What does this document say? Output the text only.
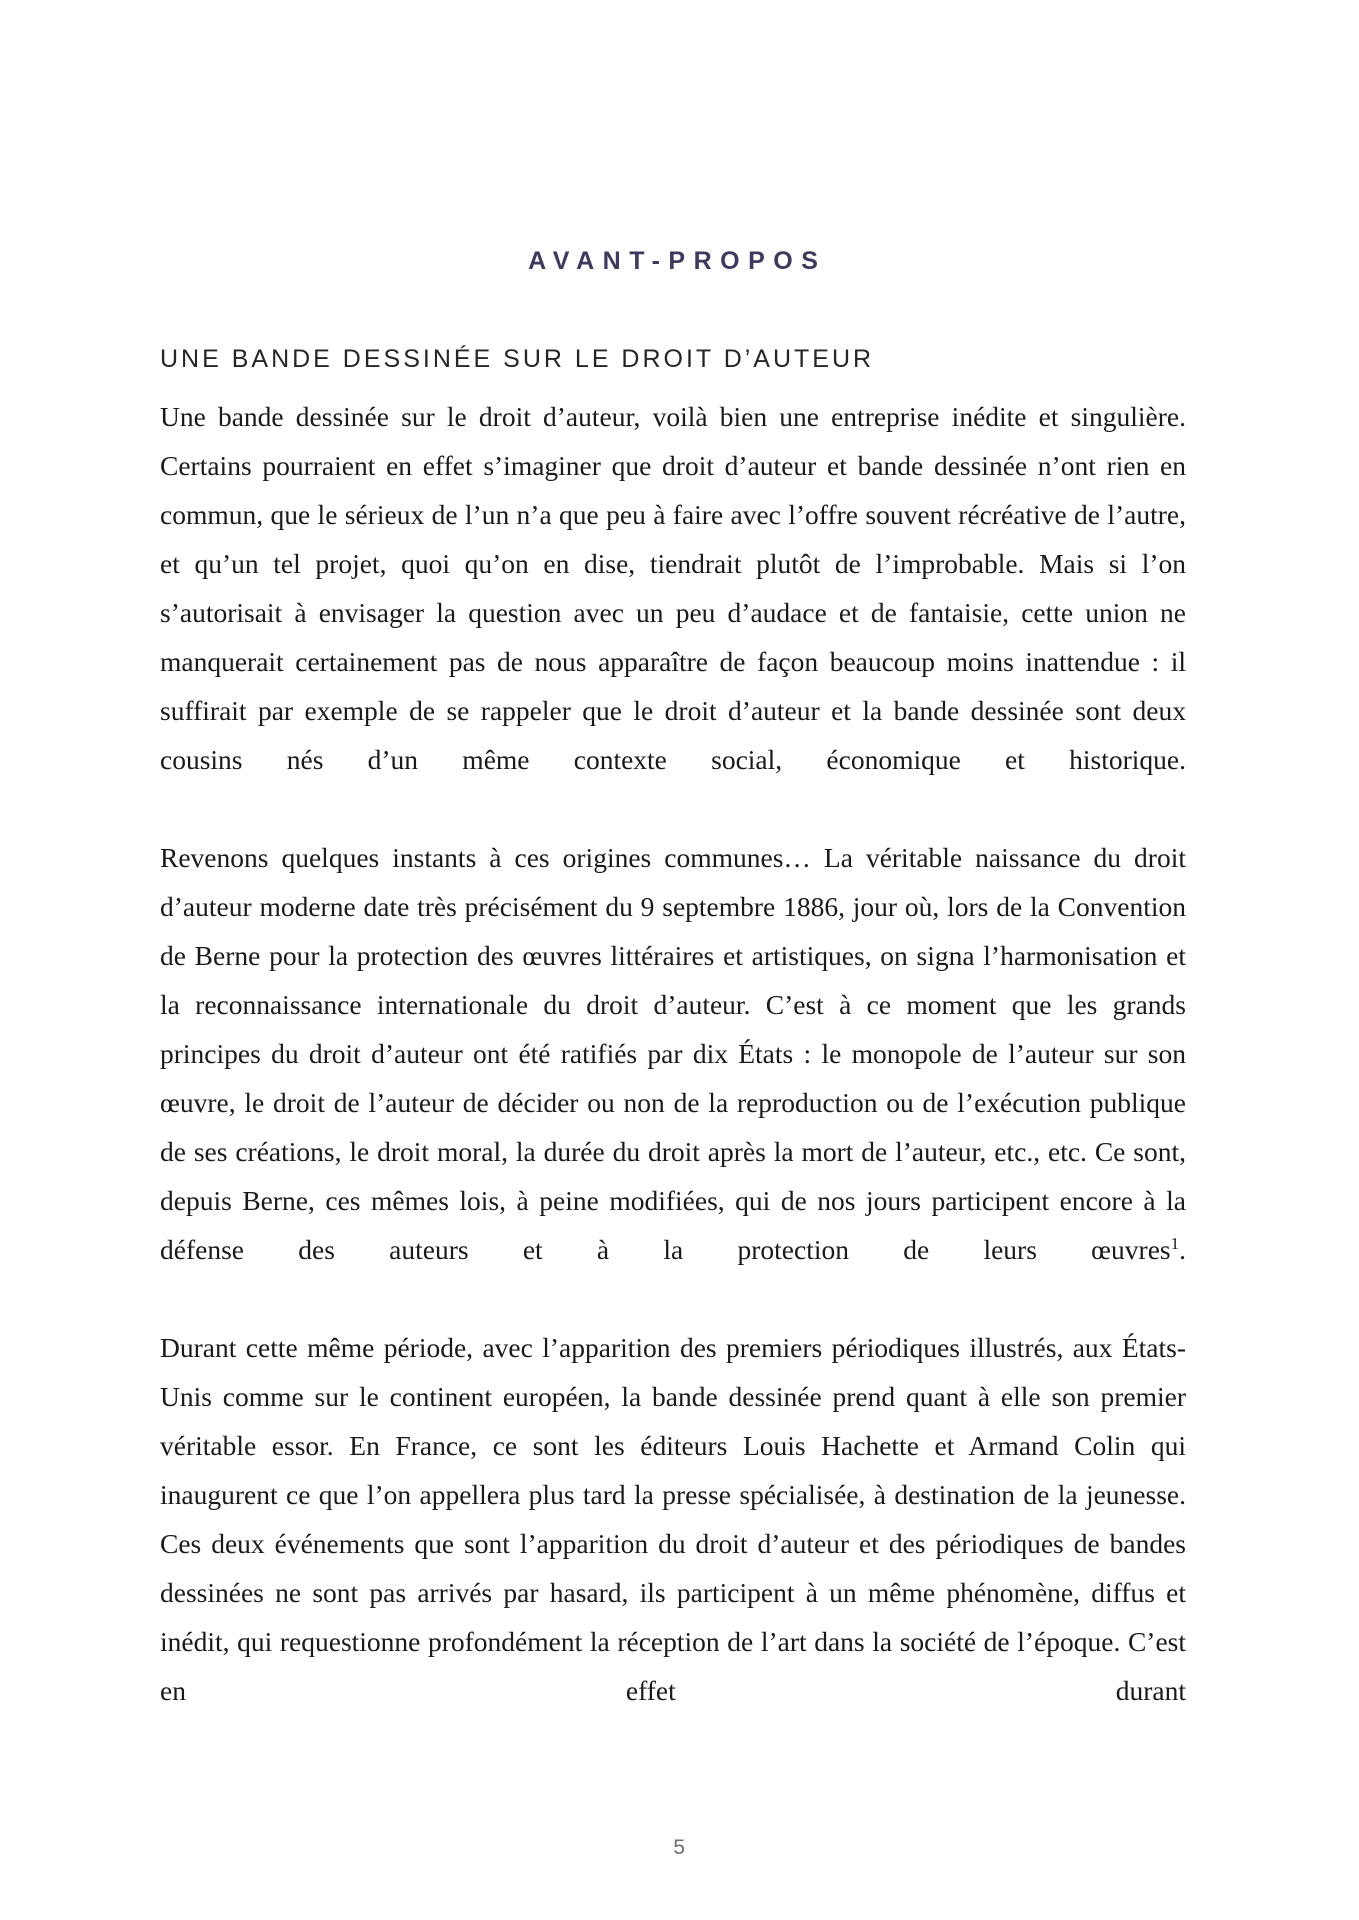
AVANT-PROPOS
UNE BANDE DESSINÉE SUR LE DROIT D’AUTEUR

Une bande dessinée sur le droit d’auteur, voilà bien une entreprise inédite et singulière. Certains pourraient en effet s’imaginer que droit d’auteur et bande dessinée n’ont rien en commun, que le sérieux de l’un n’a que peu à faire avec l’offre souvent récréative de l’autre, et qu’un tel projet, quoi qu’on en dise, tiendrait plutôt de l’improbable. Mais si l’on s’autorisait à envisager la question avec un peu d’audace et de fantaisie, cette union ne manquerait certainement pas de nous apparaître de façon beaucoup moins inattendue : il suffirait par exemple de se rappeler que le droit d’auteur et la bande dessinée sont deux cousins nés d’un même contexte social, économique et historique.

Revenons quelques instants à ces origines communes… La véritable naissance du droit d’auteur moderne date très précisément du 9 septembre 1886, jour où, lors de la Convention de Berne pour la protection des œuvres littéraires et artistiques, on signa l’harmonisation et la reconnaissance internationale du droit d’auteur. C’est à ce moment que les grands principes du droit d’auteur ont été ratifiés par dix États : le monopole de l’auteur sur son œuvre, le droit de l’auteur de décider ou non de la reproduction ou de l’exécution publique de ses créations, le droit moral, la durée du droit après la mort de l’auteur, etc., etc. Ce sont, depuis Berne, ces mêmes lois, à peine modifiées, qui de nos jours participent encore à la défense des auteurs et à la protection de leurs œuvres$^1$.

Durant cette même période, avec l’apparition des premiers périodiques illustrés, aux États-Unis comme sur le continent européen, la bande dessinée prend quant à elle son premier véritable essor. En France, ce sont les éditeurs Louis Hachette et Armand Colin qui inaugurent ce que l’on appellera plus tard la presse spécialisée, à destination de la jeunesse. Ces deux événements que sont l’apparition du droit d’auteur et des périodiques de bandes dessinées ne sont pas arrivés par hasard, ils participent à un même phénomène, diffus et inédit, qui requestionne profondément la réception de l’art dans la société de l’époque. C’est en effet durant

5
